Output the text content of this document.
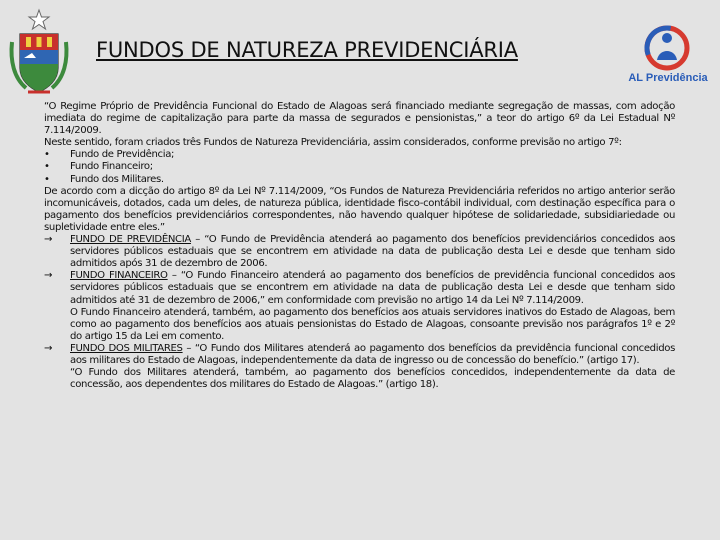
FUNDOS DE NATUREZA PREVIDENCIÁRIA
AL Previdência

“O Regime Próprio de Previdência Funcional do Estado de Alagoas será financiado mediante segregação de massas, com adoção imediata do regime de capitalização para parte da massa de segurados e pensionistas,” a teor do artigo 6º da Lei Estadual Nº 7.114/2009.

Neste sentido, foram criados três Fundos de Natureza Previdenciária, assim considerados, conforme previsão no artigo 7º:

• Fundo de Previdência;
• Fundo Financeiro;
• Fundo dos Militares.

De acordo com a dicção do artigo 8º da Lei Nº 7.114/2009, “Os Fundos de Natureza Previdenciária referidos no artigo anterior serão incomunicáveis, dotados, cada um deles, de natureza pública, identidade fisco-contábil individual, com destinação específica para o pagamento dos benefícios previdenciários correspondentes, não havendo qualquer hipótese de solidariedade, subsidiariedade ou supletividade entre eles.”

→ FUNDO DE PREVIDÊNCIA – “O Fundo de Previdência atenderá ao pagamento dos benefícios previdenciários concedidos aos servidores públicos estaduais que se encontrem em atividade na data de publicação desta Lei e desde que tenham sido admitidos após 31 de dezembro de 2006.
→ FUNDO FINANCEIRO – “O Fundo Financeiro atenderá ao pagamento dos benefícios de previdência funcional concedidos aos servidores públicos estaduais que se encontrem em atividade na data de publicação desta Lei e desde que tenham sido admitidos até 31 de dezembro de 2006,” em conformidade com previsão no artigo 14 da Lei Nº 7.114/2009.

O Fundo Financeiro atenderá, também, ao pagamento dos benefícios aos atuais servidores inativos do Estado de Alagoas, bem como ao pagamento dos benefícios aos atuais pensionistas do Estado de Alagoas, consoante previsão nos parágrafos 1º e 2º do artigo 15 da Lei em comento.

→ FUNDO DOS MILITARES – “O Fundo dos Militares atenderá ao pagamento dos benefícios da previdência funcional concedidos aos militares do Estado de Alagoas, independentemente da data de ingresso ou de concessão do benefício.” (artigo 17).

“O Fundo dos Militares atenderá, também, ao pagamento dos benefícios concedidos, independentemente da data de concessão, aos dependentes dos militares do Estado de Alagoas.” (artigo 18).
